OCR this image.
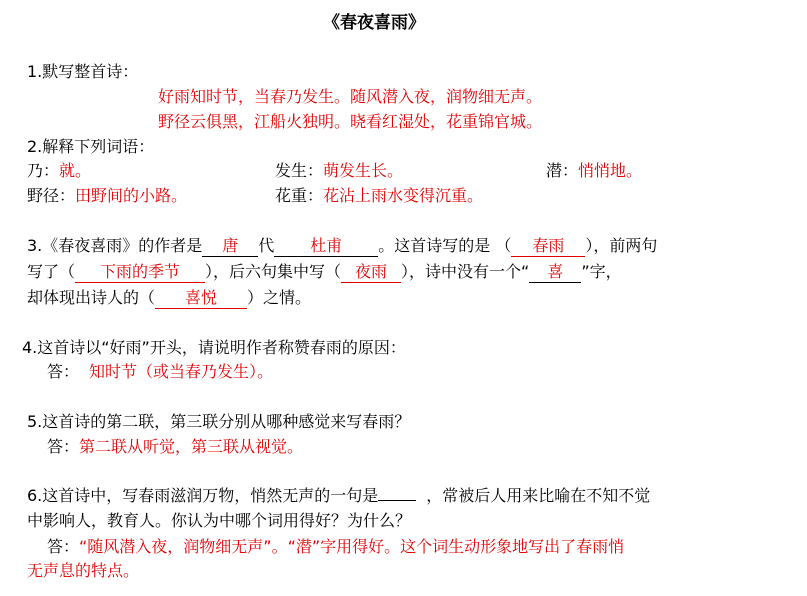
《春夜喜雨》
1.默写整首诗：
好雨知时节，当春乃发生。随风潜入夜，润物细无声。
野径云俱黑，江船火独明。晓看红湿处，花重锦官城。
2.解释下列词语：
乃：就。	发生：萌发生长。	潜：悄悄地。
野径：田野间的小路。	花重：花沾上雨水变得沉重。
3.《春夜喜雨》的作者是 唐 代 杜甫 。这首诗写的是 （ 春雨 ），前两句
写了（ 下雨的季节 ），后六句集中写（ 夜雨 ），诗中没有一个“ 喜 ”字，
却体现出诗人的（ 喜悦 ）之情。
4.这首诗以“好雨”开头，请说明作者称赞春雨的原因：
答： 知时节（或当春乃发生）。
5.这首诗的第二联，第三联分别从哪种感觉来写春雨？
答：第二联从听觉，第三联从视觉。
6.这首诗中，写春雨滋润万物，悄然无声的一句是	，常被后人用来比喻在不知不觉
中影响人，教育人。你认为中哪个词用得好？为什么？
答：“随风潜入夜，润物细无声”。“潜”字用得好。这个词生动形象地写出了春雨悄
无声息的特点。
